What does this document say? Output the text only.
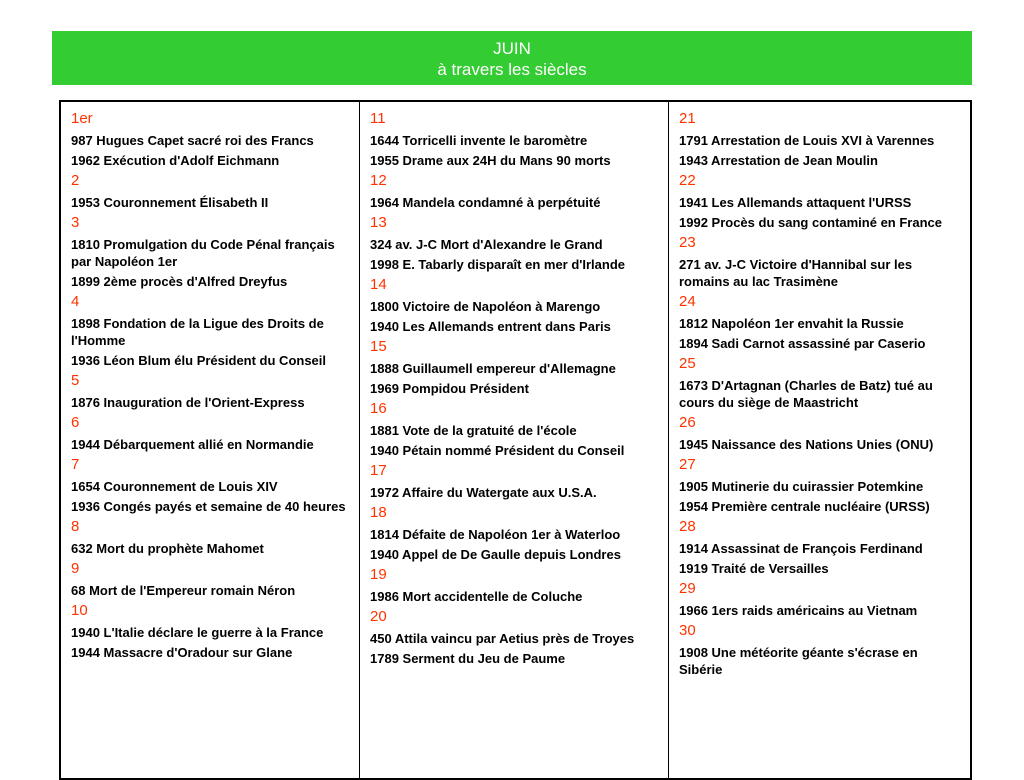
JUIN
à travers les siècles
1er
987 Hugues Capet sacré roi des Francs
1962 Exécution d'Adolf Eichmann
2
1953 Couronnement Élisabeth II
3
1810 Promulgation du Code Pénal français par Napoléon 1er
1899 2ème procès d'Alfred Dreyfus
4
1898 Fondation de la Ligue des Droits de l'Homme
1936 Léon Blum élu Président du Conseil
5
1876 Inauguration de l'Orient-Express
6
1944 Débarquement allié en Normandie
7
1654 Couronnement de Louis XIV
1936 Congés payés et semaine de 40 heures
8
632 Mort du prophète Mahomet
9
68 Mort de l'Empereur romain Néron
10
1940 L'Italie déclare le guerre à la France
1944 Massacre d'Oradour sur Glane
11
1644 Torricelli invente le baromètre
1955 Drame aux 24H du Mans 90 morts
12
1964 Mandela condamné à perpétuité
13
324 av. J-C Mort d'Alexandre le Grand
1998 E. Tabarly disparaît en mer d'Irlande
14
1800 Victoire de Napoléon à Marengo
1940 Les Allemands entrent dans Paris
15
1888 Guillaumell empereur d'Allemagne
1969 Pompidou Président
16
1881 Vote de la gratuité de l'école
1940 Pétain nommé Président du Conseil
17
1972 Affaire du Watergate aux U.S.A.
18
1814 Défaite de Napoléon 1er à Waterloo
1940 Appel de De Gaulle depuis Londres
19
1986 Mort accidentelle de Coluche
20
450 Attila vaincu par Aetius près de Troyes
1789 Serment du Jeu de Paume
21
1791 Arrestation de Louis XVI à Varennes
1943 Arrestation de Jean Moulin
22
1941 Les Allemands attaquent l'URSS
1992 Procès du sang contaminé en France
23
271 av. J-C Victoire d'Hannibal sur les romains au lac Trasimène
24
1812 Napoléon 1er envahit la Russie
1894 Sadi Carnot assassiné par Caserio
25
1673 D'Artagnan (Charles de Batz) tué au cours du siège de Maastricht
26
1945 Naissance des Nations Unies (ONU)
27
1905 Mutinerie du cuirassier Potemkine
1954 Première centrale nucléaire (URSS)
28
1914 Assassinat de François Ferdinand
1919 Traité de Versailles
29
1966 1ers raids américains au Vietnam
30
1908 Une météorite géante s'écrase en Sibérie
